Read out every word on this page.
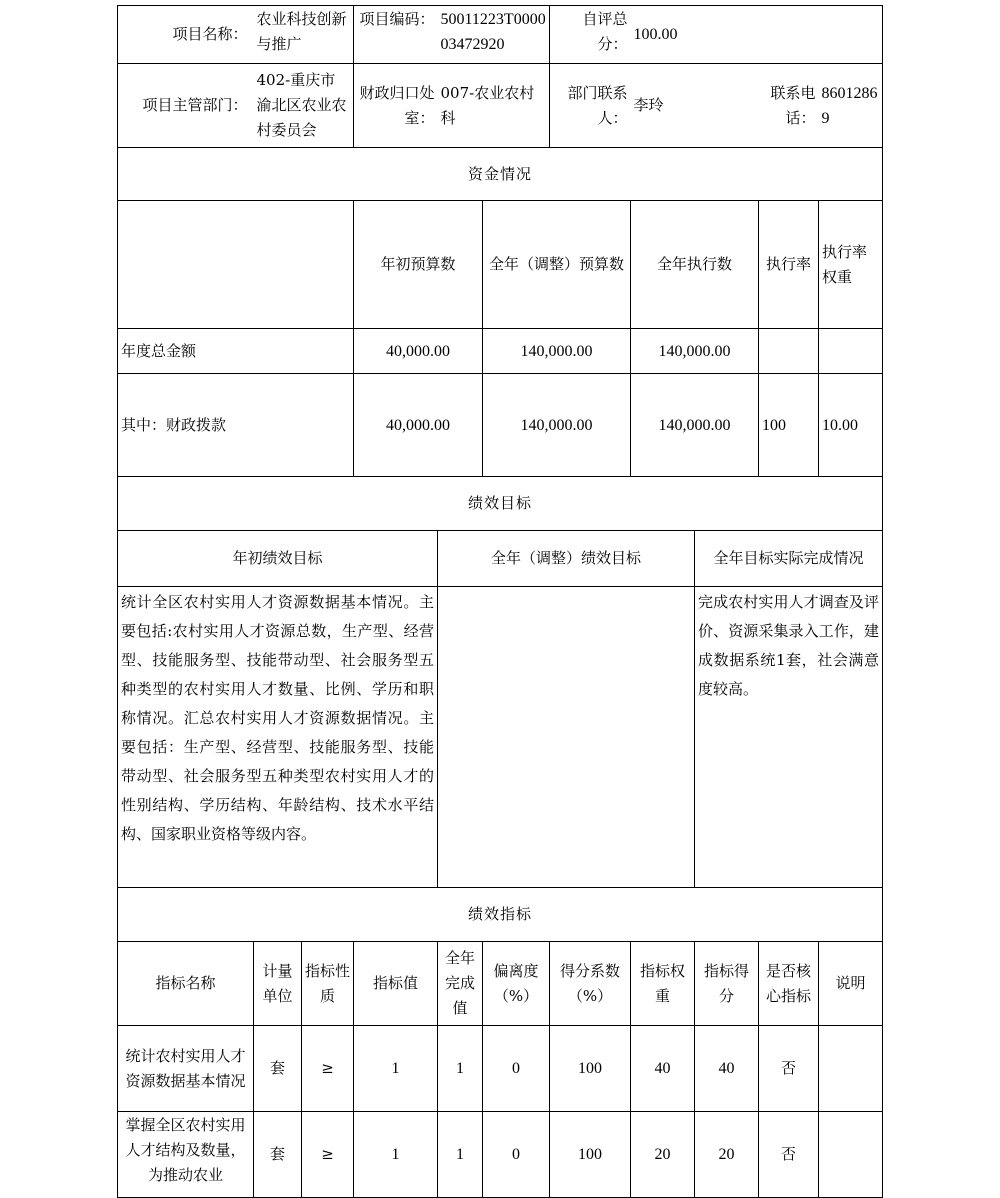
项目名称：	农业科技创新与推广		项目编码：	50011223T000003472920		自评总分：	100.00				
项目主管部门：	402-重庆市渝北区农业农村委员会		财政归口处室：	007-农业农村科		部门联系人：	李玲		联系电话：	86012869	
资金情况											
			年初预算数		全年（调整）预算数		全年执行数		执行率	执行率权重	
年度总金额			40,000.00		140,000.00		140,000.00				
其中：财政拨款			40,000.00		140,000.00		140,000.00		100	10.00	
绩效目标											
年初绩效目标				全年（调整）绩效目标				全年目标实际完成情况			
统计全区农村实用人才资源数据基本情况。主要包括:农村实用人才资源总数，生产型、经营型、技能服务型、技能带动型、社会服务型五种类型的农村实用人才数量、比例、学历和职称情况。汇总农村实用人才资源数据情况。主要包括：生产型、经营型、技能服务型、技能带动型、社会服务型五种类型农村实用人才的性别结构、学历结构、年龄结构、技术水平结构、国家职业资格等级内容。								完成农村实用人才调查及评价、资源采集录入工作，建成数据系统1套，社会满意度较高。			
绩效指标											
指标名称	计量单位	指标性质	指标值	全年完成值	偏离度（%）	得分系数（%）	指标权重	指标得分	是否核心指标	说明	
统计农村实用人才资源数据基本情况	套	≥	1	1	0	100	40	40	否		
掌握全区农村实用人才结构及数量，为推动农业	套	≥	1	1	0	100	20	20	否		
